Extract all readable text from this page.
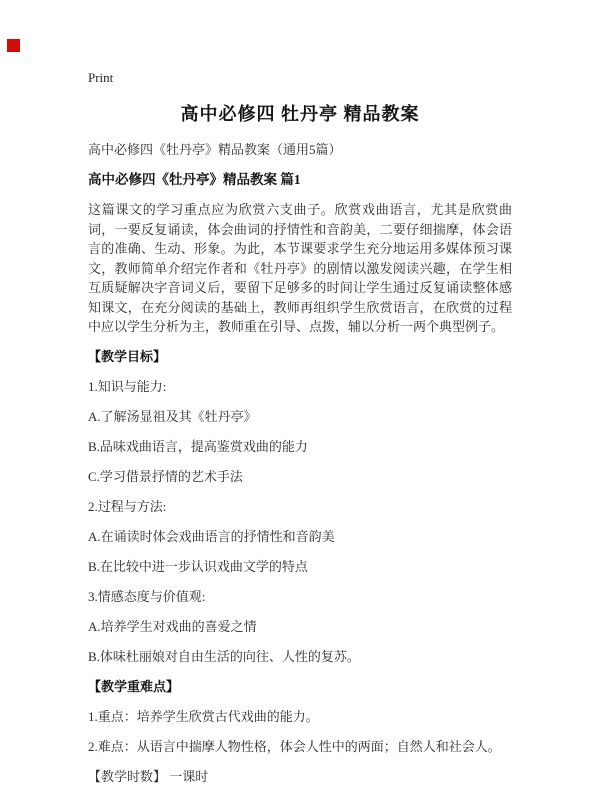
Print
高中必修四 牡丹亭 精品教案
高中必修四《牡丹亭》精品教案（通用5篇）
高中必修四《牡丹亭》精品教案 篇1
这篇课文的学习重点应为欣赏六支曲子。欣赏戏曲语言，尤其是欣赏曲词，一要反复诵读，体会曲词的抒情性和音韵美，二要仔细揣摩，体会语言的准确、生动、形象。为此，本节课要求学生充分地运用多媒体预习课文，教师简单介绍完作者和《牡丹亭》的剧情以激发阅读兴趣，在学生相互质疑解决字音词义后，要留下足够多的时间让学生通过反复诵读整体感知课文，在充分阅读的基础上，教师再组织学生欣赏语言，在欣赏的过程中应以学生分析为主，教师重在引导、点拨，辅以分析一两个典型例子。
【教学目标】
1.知识与能力:
A.了解汤显祖及其《牡丹亭》
B.品味戏曲语言，提高鉴赏戏曲的能力
C.学习借景抒情的艺术手法
2.过程与方法:
A.在诵读时体会戏曲语言的抒情性和音韵美
B.在比较中进一步认识戏曲文学的特点
3.情感态度与价值观:
A.培养学生对戏曲的喜爱之情
B.体味杜丽娘对自由生活的向往、人性的复苏。
【教学重难点】
1.重点：培养学生欣赏古代戏曲的能力。
2.难点：从语言中揣摩人物性格，体会人性中的两面；自然人和社会人。
【教学时数】 一课时
